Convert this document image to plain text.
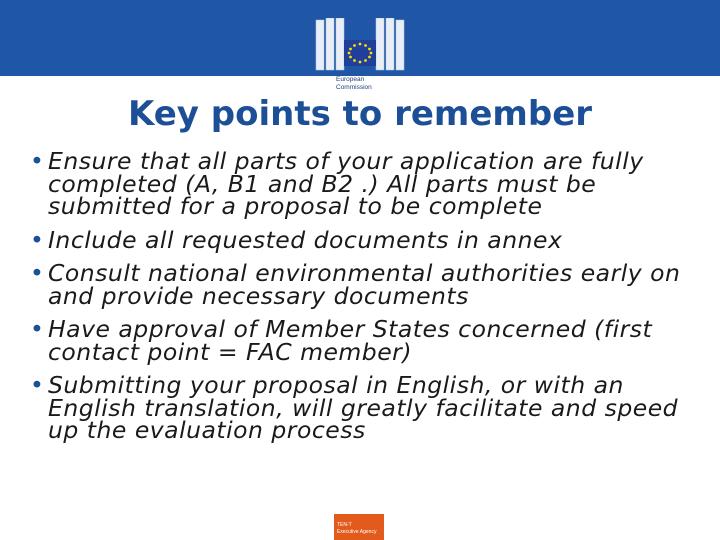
European
Commission
Key points to remember
• Ensure that all parts of your application are fully completed (A, B1 and B2 .) All parts must be submitted for a proposal to be complete
• Include all requested documents in annex
• Consult national environmental authorities early on and provide necessary documents
• Have approval of Member States concerned (first contact point = FAC member)
• Submitting your proposal in English, or with an English translation, will greatly facilitate and speed up the evaluation process
TEN-T
Executive Agency
